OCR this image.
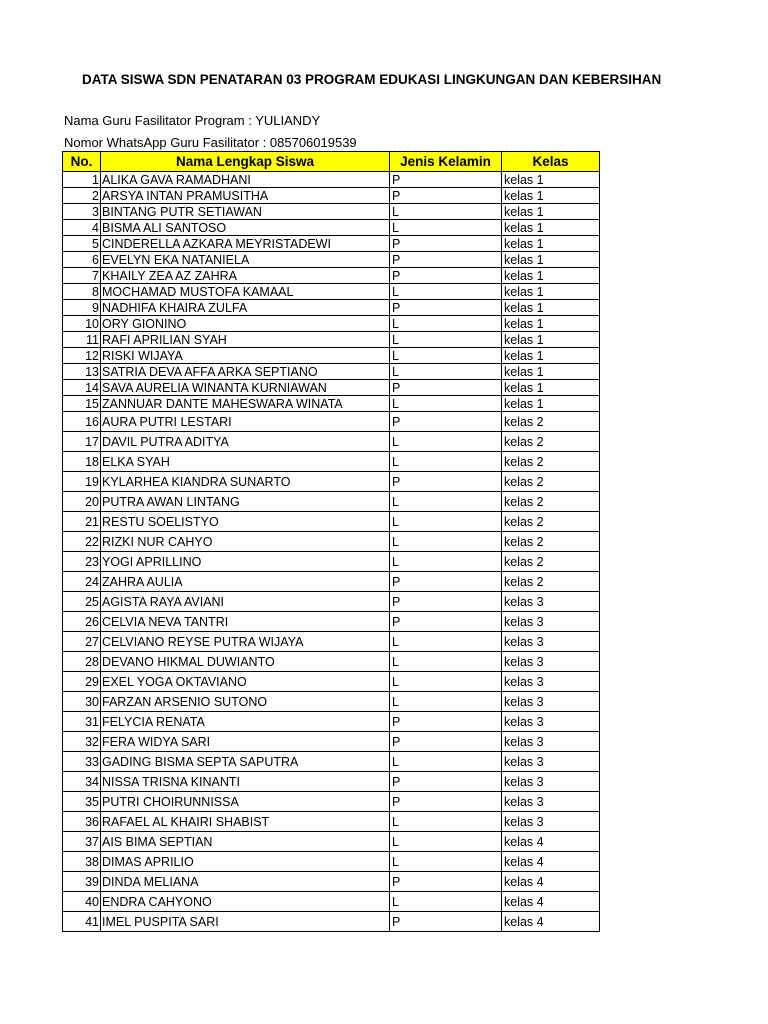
DATA SISWA SDN PENATARAN 03 PROGRAM EDUKASI LINGKUNGAN DAN KEBERSIHAN
Nama Guru Fasilitator Program : YULIANDY
Nomor WhatsApp Guru Fasilitator : 085706019539
No.	Nama Lengkap Siswa	Jenis Kelamin	Kelas
1	ALIKA GAVA RAMADHANI	P	kelas 1
2	ARSYA INTAN PRAMUSITHA	P	kelas 1
3	BINTANG PUTR SETIAWAN	L	kelas 1
4	BISMA ALI SANTOSO	L	kelas 1
5	CINDERELLA AZKARA MEYRISTADEWI	P	kelas 1
6	EVELYN EKA NATANIELA	P	kelas 1
7	KHAILY ZEA AZ ZAHRA	P	kelas 1
8	MOCHAMAD MUSTOFA KAMAAL	L	kelas 1
9	NADHIFA KHAIRA ZULFA	P	kelas 1
10	ORY GIONINO	L	kelas 1
11	RAFI APRILIAN SYAH	L	kelas 1
12	RISKI WIJAYA	L	kelas 1
13	SATRIA DEVA AFFA ARKA SEPTIANO	L	kelas 1
14	SAVA AURELIA WINANTA KURNIAWAN	P	kelas 1
15	ZANNUAR DANTE MAHESWARA WINATA	L	kelas 1
16	AURA PUTRI LESTARI	P	kelas 2
17	DAVIL PUTRA ADITYA	L	kelas 2
18	ELKA SYAH	L	kelas 2
19	KYLARHEA KIANDRA SUNARTO	P	kelas 2
20	PUTRA AWAN LINTANG	L	kelas 2
21	RESTU SOELISTYO	L	kelas 2
22	RIZKI NUR CAHYO	L	kelas 2
23	YOGI APRILLINO	L	kelas 2
24	ZAHRA AULIA	P	kelas 2
25	AGISTA RAYA AVIANI	P	kelas 3
26	CELVIA NEVA TANTRI	P	kelas 3
27	CELVIANO REYSE PUTRA WIJAYA	L	kelas 3
28	DEVANO HIKMAL DUWIANTO	L	kelas 3
29	EXEL YOGA OKTAVIANO	L	kelas 3
30	FARZAN ARSENIO SUTONO	L	kelas 3
31	FELYCIA RENATA	P	kelas 3
32	FERA WIDYA SARI	P	kelas 3
33	GADING BISMA SEPTA SAPUTRA	L	kelas 3
34	NISSA TRISNA KINANTI	P	kelas 3
35	PUTRI CHOIRUNNISSA	P	kelas 3
36	RAFAEL AL KHAIRI SHABIST	L	kelas 3
37	AIS BIMA SEPTIAN	L	kelas 4
38	DIMAS APRILIO	L	kelas 4
39	DINDA MELIANA	P	kelas 4
40	ENDRA CAHYONO	L	kelas 4
41	IMEL PUSPITA SARI	P	kelas 4
